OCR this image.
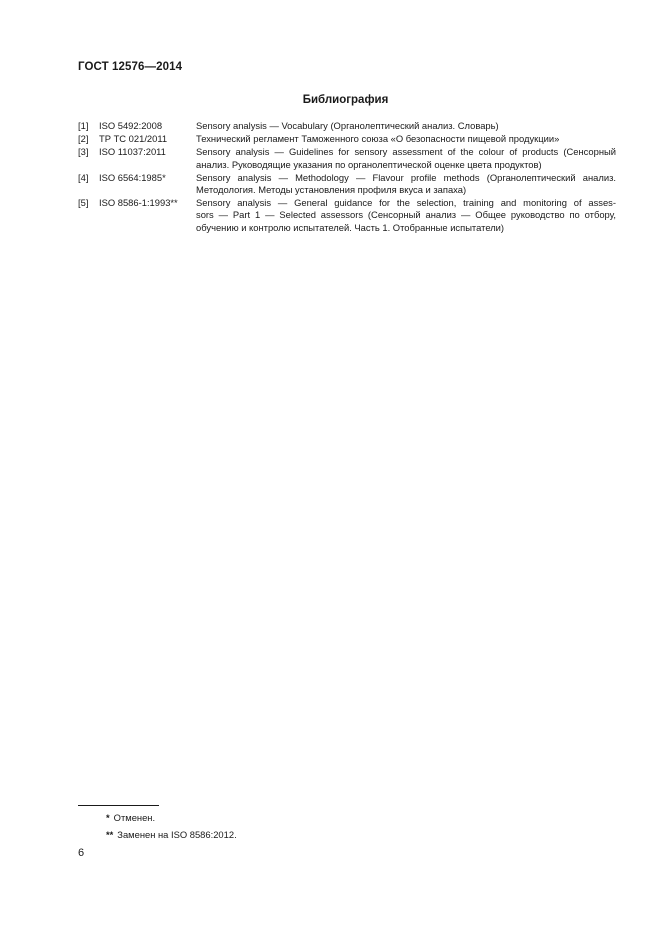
ГОСТ 12576—2014
Библиография
[1]	ISO 5492:2008	Sensory analysis — Vocabulary (Органолептический анализ. Словарь)
[2]	ТР ТС 021/2011	Технический регламент Таможенного союза «О безопасности пищевой продукции»
[3]	ISO 11037:2011	Sensory analysis — Guidelines for sensory assessment of the colour of products (Сенсорный
анализ. Руководящие указания по органолептической оценке цвета продуктов)
[4]	ISO 6564:1985*	Sensory analysis — Methodology — Flavour profile methods (Органолептический анализ.
Методология. Методы установления профиля вкуса и запаха)
[5]	ISO 8586-1:1993**	Sensory analysis — General guidance for the selection, training and monitoring of asses-
sors — Part 1 — Selected assessors (Сенсорный анализ — Общее руководство по отбору,
обучению и контролю испытателей. Часть 1. Отобранные испытатели)
* Отменен.
** Заменен на ISO 8586:2012.
6
